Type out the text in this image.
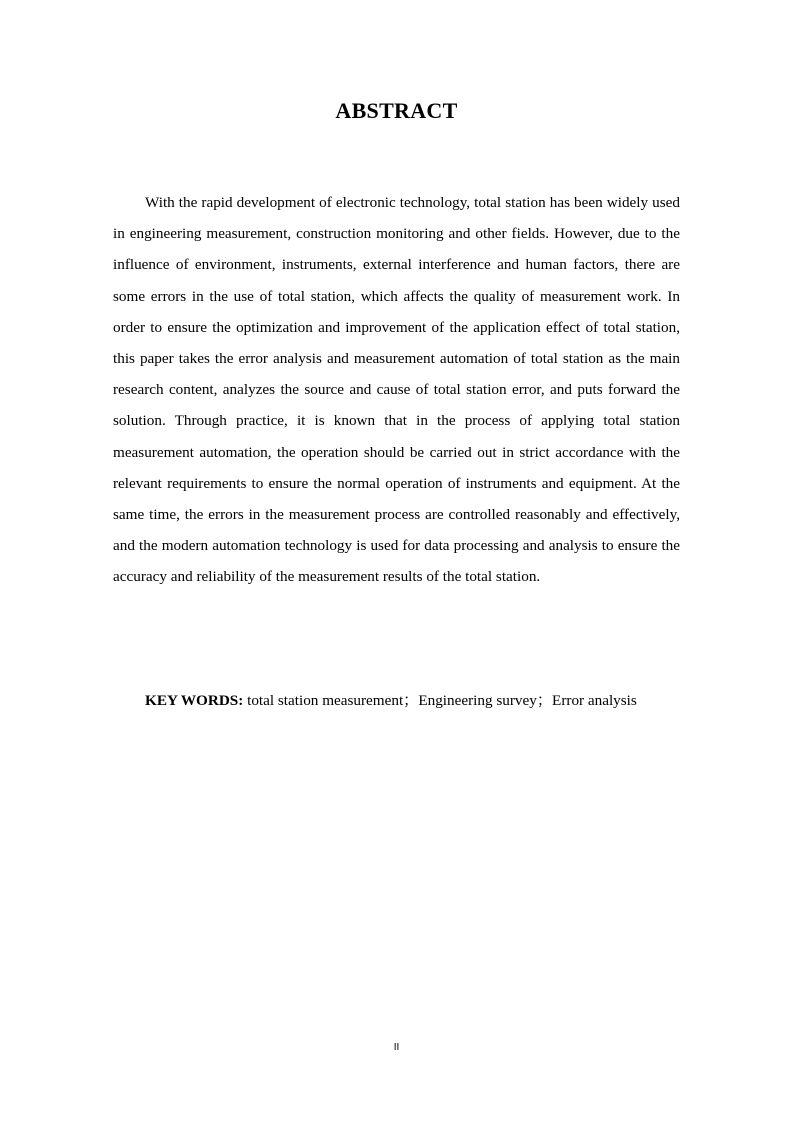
ABSTRACT

With the rapid development of electronic technology, total station has been widely used in engineering measurement, construction monitoring and other fields. However, due to the influence of environment, instruments, external interference and human factors, there are some errors in the use of total station, which affects the quality of measurement work. In order to ensure the optimization and improvement of the application effect of total station, this paper takes the error analysis and measurement automation of total station as the main research content, analyzes the source and cause of total station error, and puts forward the solution. Through practice, it is known that in the process of applying total station measurement automation, the operation should be carried out in strict accordance with the relevant requirements to ensure the normal operation of instruments and equipment. At the same time, the errors in the measurement process are controlled reasonably and effectively, and the modern automation technology is used for data processing and analysis to ensure the accuracy and reliability of the measurement results of the total station.

KEY WORDS: total station measurement；Engineering survey；Error analysis
II
